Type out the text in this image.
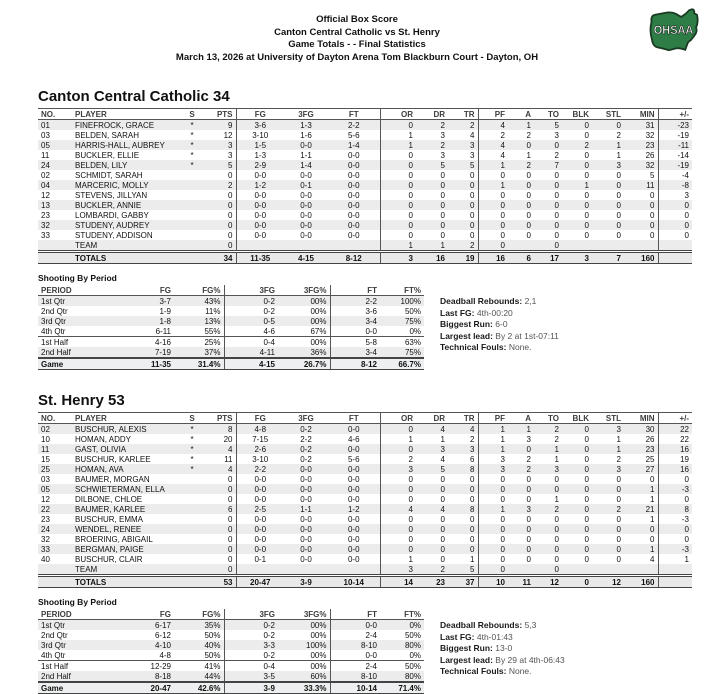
OHSAA
Official Box Score
Canton Central Catholic vs St. Henry
Game Totals - - Final Statistics
March 13, 2026 at University of Dayton Arena Tom Blackburn Court - Dayton, OH
Canton Central Catholic 34
NO.	PLAYER	S	PTS	FG	3FG	FT	OR	DR	TR	PF	A	TO	BLK	STL	MIN	+/-
01	FINEFROCK, GRACE	*	9	3-6	1-3	2-2	0	2	2	4	1	5	0	0	31	-23
03	BELDEN, SARAH	*	12	3-10	1-6	5-6	1	3	4	2	2	3	0	2	32	-19
05	HARRIS-HALL, AUBREY	*	3	1-5	0-0	1-4	1	2	3	4	0	0	2	1	23	-11
11	BUCKLER, ELLIE	*	3	1-3	1-1	0-0	0	3	3	4	1	2	0	1	26	-14
24	BELDEN, LILY	*	5	2-9	1-4	0-0	0	5	5	1	2	7	0	3	32	-19
02	SCHMIDT, SARAH		0	0-0	0-0	0-0	0	0	0	0	0	0	0	0	5	-4
04	MARCERIC, MOLLY		2	1-2	0-1	0-0	0	0	0	1	0	0	1	0	11	-8
12	STEVENS, JILLYAN		0	0-0	0-0	0-0	0	0	0	0	0	0	0	0	0	3
13	BUCKLER, ANNIE		0	0-0	0-0	0-0	0	0	0	0	0	0	0	0	0	0
23	LOMBARDI, GABBY		0	0-0	0-0	0-0	0	0	0	0	0	0	0	0	0	0
32	STUDENY, AUDREY		0	0-0	0-0	0-0	0	0	0	0	0	0	0	0	0	0
33	STUDENY, ADDISON		0	0-0	0-0	0-0	0	0	0	0	0	0	0	0	0	0
	TEAM		0				1	1	2	0		0				
	TOTALS		34	11-35	4-15	8-12	3	16	19	16	6	17	3	7	160	
Shooting By Period
PERIOD	FG	FG%	3FG	3FG%	FT	FT%
1st Qtr	3-7	43%	0-2	00%	2-2	100%
2nd Qtr	1-9	11%	0-2	00%	3-6	50%
3rd Qtr	1-8	13%	0-5	00%	3-4	75%
4th Qtr	6-11	55%	4-6	67%	0-0	0%
1st Half	4-16	25%	0-4	00%	5-8	63%
2nd Half	7-19	37%	4-11	36%	3-4	75%
Game	11-35	31.4%	4-15	26.7%	8-12	66.7%
Deadball Rebounds: 2,1
Last FG: 4th-00:20
Biggest Run: 6-0
Largest lead: By 2 at 1st-07:11
Technical Fouls: None.
St. Henry 53
NO.	PLAYER	S	PTS	FG	3FG	FT	OR	DR	TR	PF	A	TO	BLK	STL	MIN	+/-
02	BUSCHUR, ALEXIS	*	8	4-8	0-2	0-0	0	4	4	1	1	2	0	3	30	22
10	HOMAN, ADDY	*	20	7-15	2-2	4-6	1	1	2	1	3	2	0	1	26	22
11	GAST, OLIVIA	*	4	2-6	0-2	0-0	0	3	3	1	0	1	0	1	23	16
15	BUSCHUR, KARLEE	*	11	3-10	0-2	5-6	2	4	6	3	2	1	0	2	25	19
25	HOMAN, AVA	*	4	2-2	0-0	0-0	3	5	8	3	2	3	0	3	27	16
03	BAUMER, MORGAN		0	0-0	0-0	0-0	0	0	0	0	0	0	0	0	0	0
05	SCHWIETERMAN, ELLA		0	0-0	0-0	0-0	0	0	0	0	0	0	0	0	1	-3
12	DILBONE, CHLOE		0	0-0	0-0	0-0	0	0	0	0	0	1	0	0	1	0
22	BAUMER, KARLEE		6	2-5	1-1	1-2	4	4	8	1	3	2	0	2	21	8
23	BUSCHUR, EMMA		0	0-0	0-0	0-0	0	0	0	0	0	0	0	0	1	-3
24	WENDEL, RENEE		0	0-0	0-0	0-0	0	0	0	0	0	0	0	0	0	0
32	BROERING, ABIGAIL		0	0-0	0-0	0-0	0	0	0	0	0	0	0	0	0	0
33	BERGMAN, PAIGE		0	0-0	0-0	0-0	0	0	0	0	0	0	0	0	1	-3
40	BUSCHUR, CLAIR		0	0-1	0-0	0-0	1	0	1	0	0	0	0	0	4	1
	TEAM		0				3	2	5	0		0				
	TOTALS		53	20-47	3-9	10-14	14	23	37	10	11	12	0	12	160	
Shooting By Period
PERIOD	FG	FG%	3FG	3FG%	FT	FT%
1st Qtr	6-17	35%	0-2	00%	0-0	0%
2nd Qtr	6-12	50%	0-2	00%	2-4	50%
3rd Qtr	4-10	40%	3-3	100%	8-10	80%
4th Qtr	4-8	50%	0-2	00%	0-0	0%
1st Half	12-29	41%	0-4	00%	2-4	50%
2nd Half	8-18	44%	3-5	60%	8-10	80%
Game	20-47	42.6%	3-9	33.3%	10-14	71.4%
Deadball Rebounds: 5,3
Last FG: 4th-01:43
Biggest Run: 13-0
Largest lead: By 29 at 4th-06:43
Technical Fouls: None.
